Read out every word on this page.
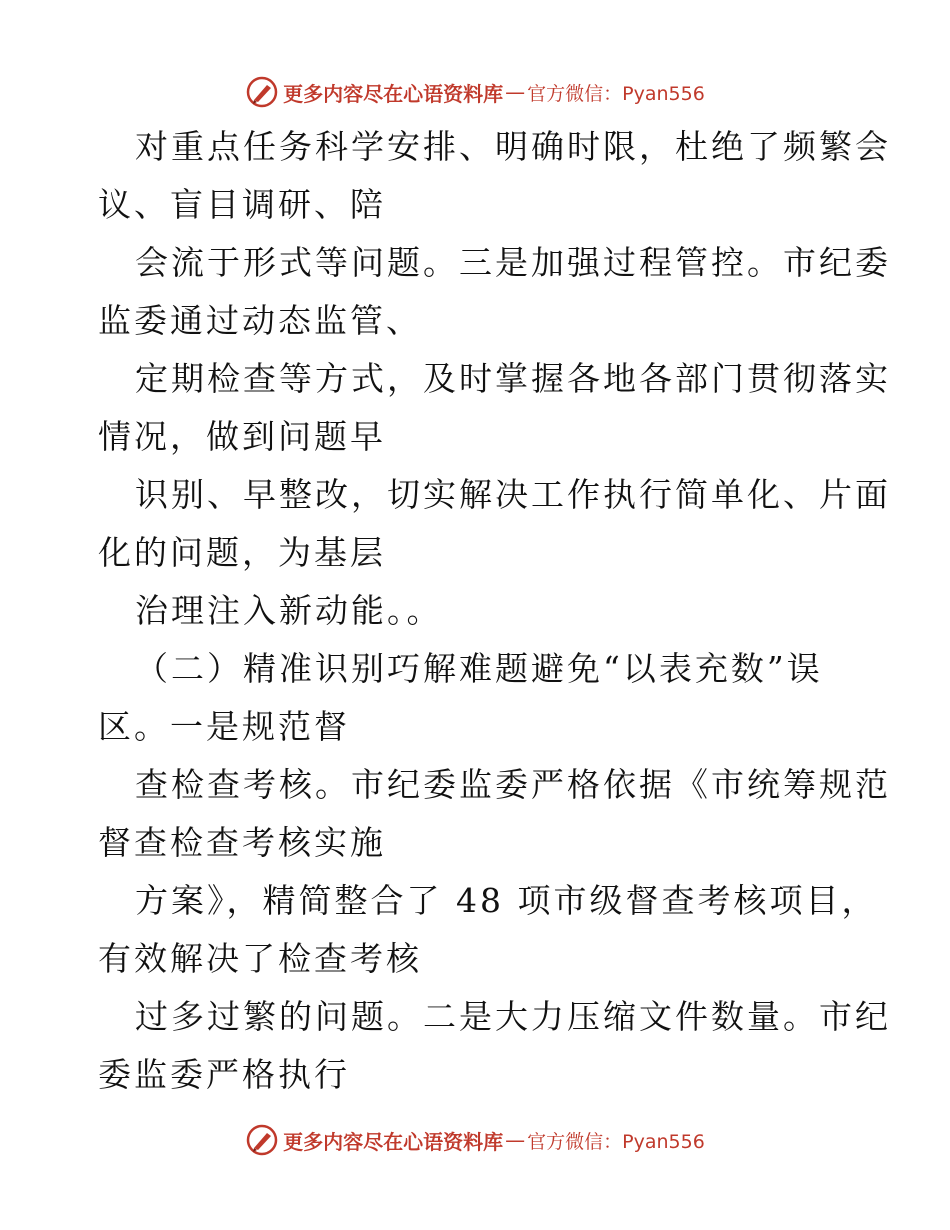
更多内容尽在心语资料库 — 官方微信：Pyan556
对重点任务科学安排、明确时限，杜绝了频繁会
议、盲目调研、陪
会流于形式等问题。三是加强过程管控。市纪委
监委通过动态监管、
定期检查等方式，及时掌握各地各部门贯彻落实
情况，做到问题早
识别、早整改，切实解决工作执行简单化、片面
化的问题，为基层
治理注入新动能。。
（二）精准识别巧解难题避免“以表充数”误
区。一是规范督
查检查考核。市纪委监委严格依据《市统筹规范
督查检查考核实施
方案》，精简整合了 48 项市级督查考核项目，
有效解决了检查考核
过多过繁的问题。二是大力压缩文件数量。市纪
委监委严格执行
更多内容尽在心语资料库 — 官方微信：Pyan556
